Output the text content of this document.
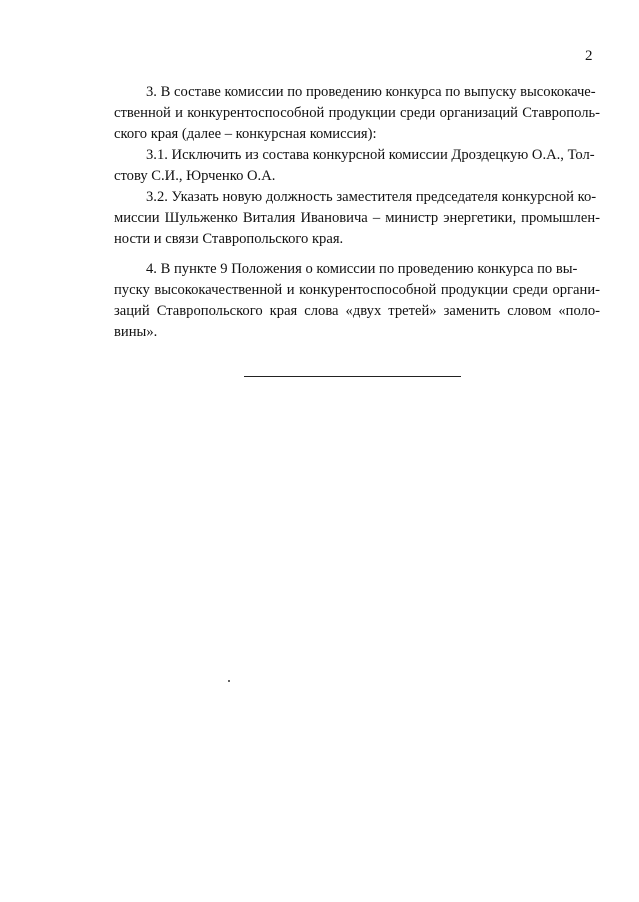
2
3. В составе комиссии по проведению конкурса по выпуску высококаче-
ственной и конкурентоспособной продукции среди организаций Ставрополь-
ского края (далее – конкурсная комиссия):
3.1. Исключить из состава конкурсной комиссии Дроздецкую О.А., Тол-
стову С.И., Юрченко О.А.
3.2. Указать новую должность заместителя председателя конкурсной ко-
миссии Шульженко Виталия Ивановича – министр энергетики, промышлен-
ности и связи Ставропольского края.
4. В пункте 9 Положения о комиссии по проведению конкурса по вы-
пуску высококачественной и конкурентоспособной продукции среди органи-
заций Ставропольского края слова «двух третей» заменить словом «поло-
вины».
